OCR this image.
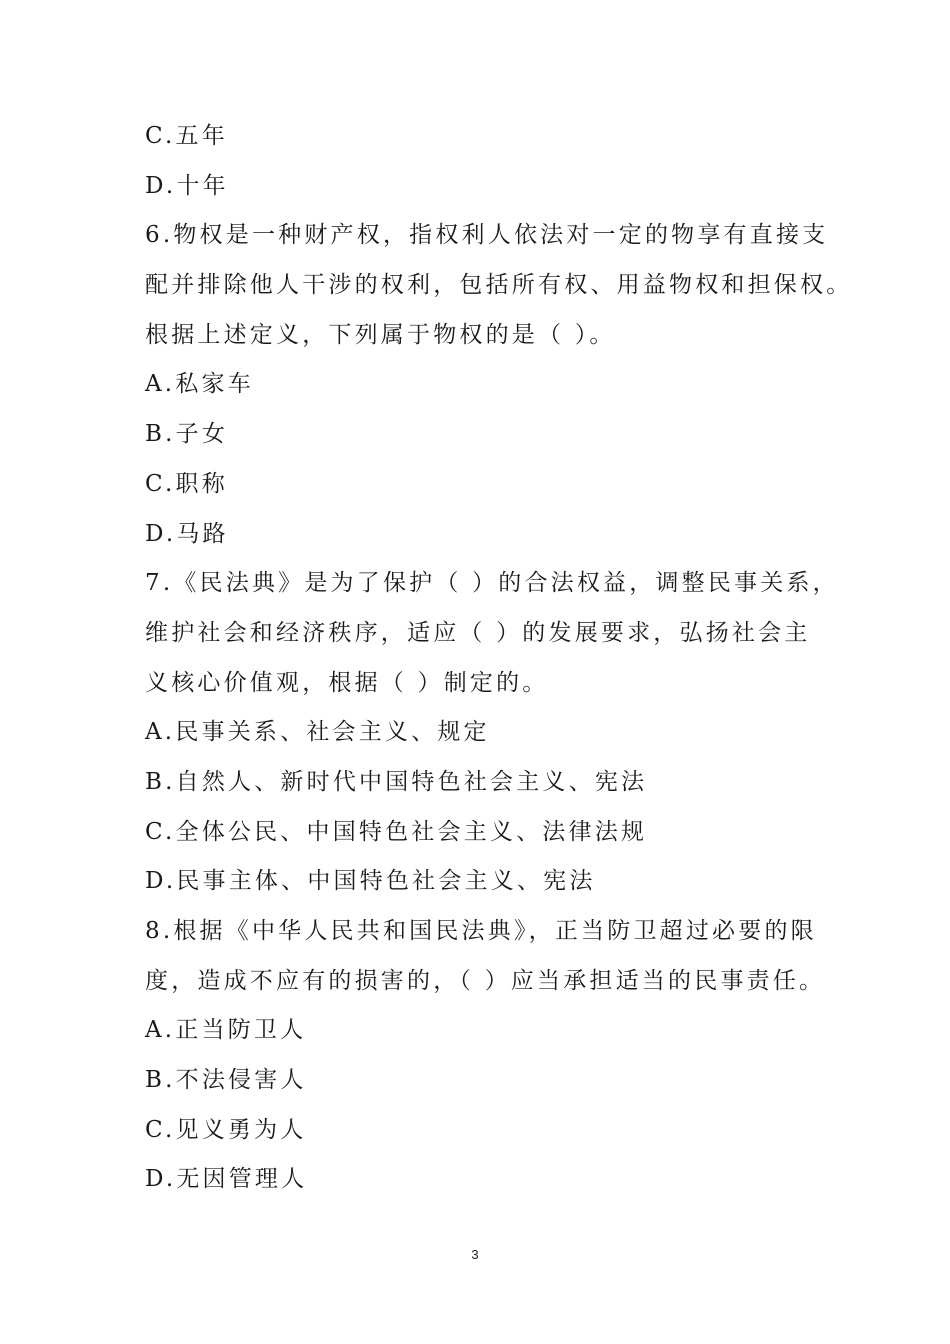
C.五年
D.十年
6.物权是一种财产权，指权利人依法对一定的物享有直接支
配并排除他人干涉的权利，包括所有权、用益物权和担保权。
根据上述定义，下列属于物权的是（ ）。
A.私家车
B.子女
C.职称
D.马路
7.《民法典》是为了保护（ ）的合法权益，调整民事关系，
维护社会和经济秩序，适应（ ）的发展要求，弘扬社会主
义核心价值观，根据（ ）制定的。
A.民事关系、社会主义、规定
B.自然人、新时代中国特色社会主义、宪法
C.全体公民、中国特色社会主义、法律法规
D.民事主体、中国特色社会主义、宪法
8.根据《中华人民共和国民法典》，正当防卫超过必要的限
度，造成不应有的损害的，（ ）应当承担适当的民事责任。
A.正当防卫人
B.不法侵害人
C.见义勇为人
D.无因管理人
3
